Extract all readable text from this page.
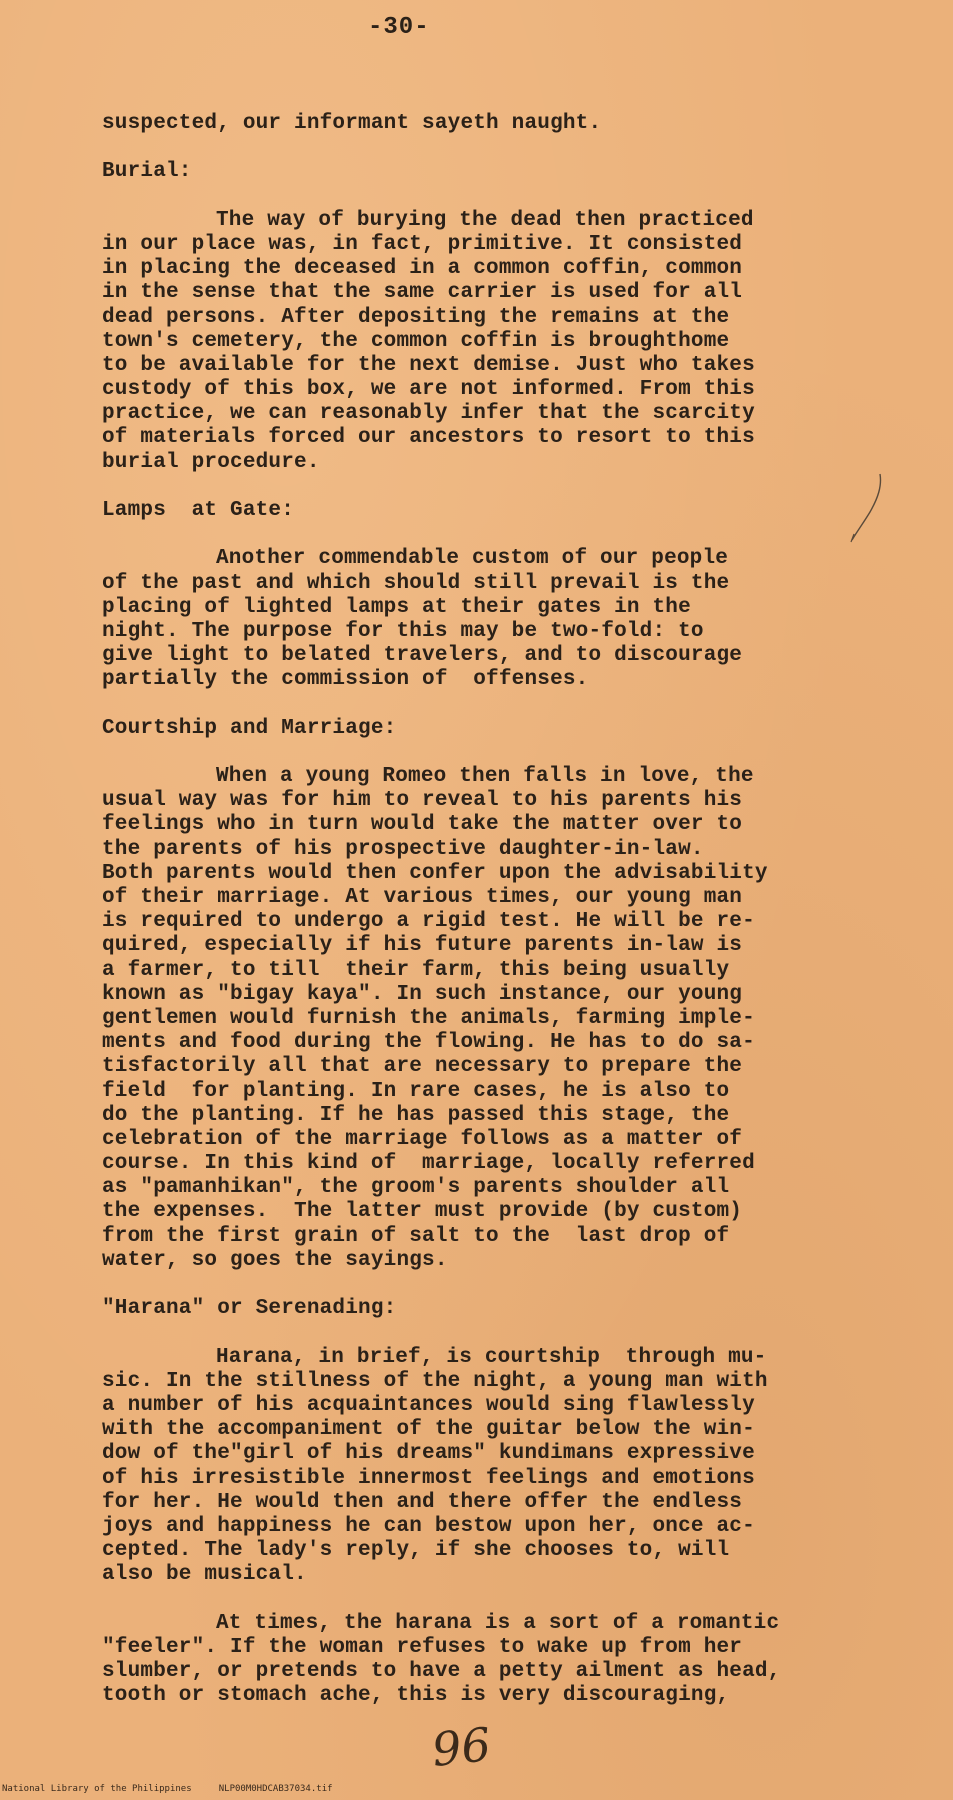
-30-
suspected, our informant sayeth naught.
Burial:
The way of burying the dead then practiced
in our place was, in fact, primitive. It consisted
in placing the deceased in a common coffin, common
in the sense that the same carrier is used for all
dead persons. After depositing the remains at the
town's cemetery, the common coffin is broughthome
to be available for the next demise. Just who takes
custody of this box, we are not informed. From this
practice, we can reasonably infer that the scarcity
of materials forced our ancestors to resort to this
burial procedure.
Lamps  at Gate:
Another commendable custom of our people
of the past and which should still prevail is the
placing of lighted lamps at their gates in the
night. The purpose for this may be two-fold: to
give light to belated travelers, and to discourage
partially the commission of  offenses.
Courtship and Marriage:
When a young Romeo then falls in love, the
usual way was for him to reveal to his parents his
feelings who in turn would take the matter over to
the parents of his prospective daughter-in-law.
Both parents would then confer upon the advisability
of their marriage. At various times, our young man
is required to undergo a rigid test. He will be re-
quired, especially if his future parents in-law is
a farmer, to till  their farm, this being usually
known as "bigay kaya". In such instance, our young
gentlemen would furnish the animals, farming imple-
ments and food during the flowing. He has to do sa-
tisfactorily all that are necessary to prepare the
field  for planting. In rare cases, he is also to
do the planting. If he has passed this stage, the
celebration of the marriage follows as a matter of
course. In this kind of  marriage, locally referred
as "pamanhikan", the groom's parents shoulder all
the expenses.  The latter must provide (by custom)
from the first grain of salt to the  last drop of
water, so goes the sayings.
"Harana" or Serenading:
Harana, in brief, is courtship  through mu-
sic. In the stillness of the night, a young man with
a number of his acquaintances would sing flawlessly
with the accompaniment of the guitar below the win-
dow of the"girl of his dreams" kundimans expressive
of his irresistible innermost feelings and emotions
for her. He would then and there offer the endless
joys and happiness he can bestow upon her, once ac-
cepted. The lady's reply, if she chooses to, will
also be musical.
At times, the harana is a sort of a romantic
"feeler". If the woman refuses to wake up from her
slumber, or pretends to have a petty ailment as head,
tooth or stomach ache, this is very discouraging,
96
National Library of the Philippines     NLP00M0HDCAB37034.tif
